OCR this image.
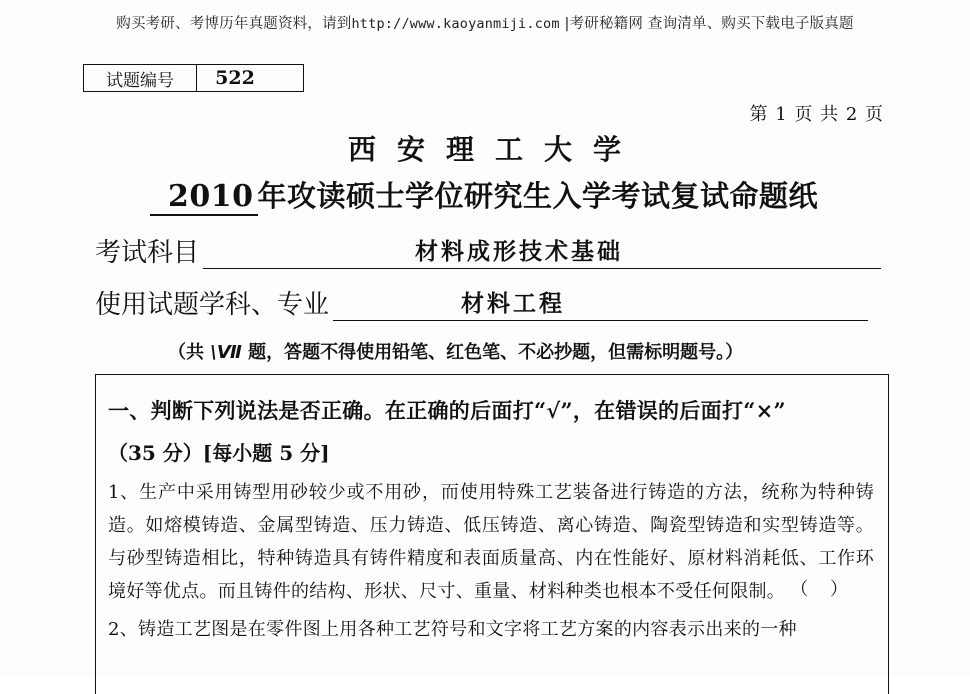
购买考研、考博历年真题资料，请到http://www.kaoyanmiji.com |考研秘籍网 查询清单、购买下载电子版真题
试题编号	522
第 1 页 共 2 页
西安理工大学
2010 年攻读硕士学位研究生入学考试复试命题纸
考试科目	材料成形技术基础
使用试题学科、专业	材料工程
（共 \Ⅶ 题，答题不得使用铅笔、红色笔、不必抄题，但需标明题号。）
一、判断下列说法是否正确。在正确的后面打“√”，在错误的后面打“×”
（35 分）[每小题 5 分]
1、生产中采用铸型用砂较少或不用砂，而使用特殊工艺装备进行铸造的方法，统称为特种铸造。如熔模铸造、金属型铸造、压力铸造、低压铸造、离心铸造、陶瓷型铸造和实型铸造等。与砂型铸造相比，特种铸造具有铸件精度和表面质量高、内在性能好、原材料消耗低、工作环境好等优点。而且铸件的结构、形状、尺寸、重量、材料种类也根本不受任何限制。 （ ）
2、铸造工艺图是在零件图上用各种工艺符号和文字将工艺方案的内容表示出来的一种
